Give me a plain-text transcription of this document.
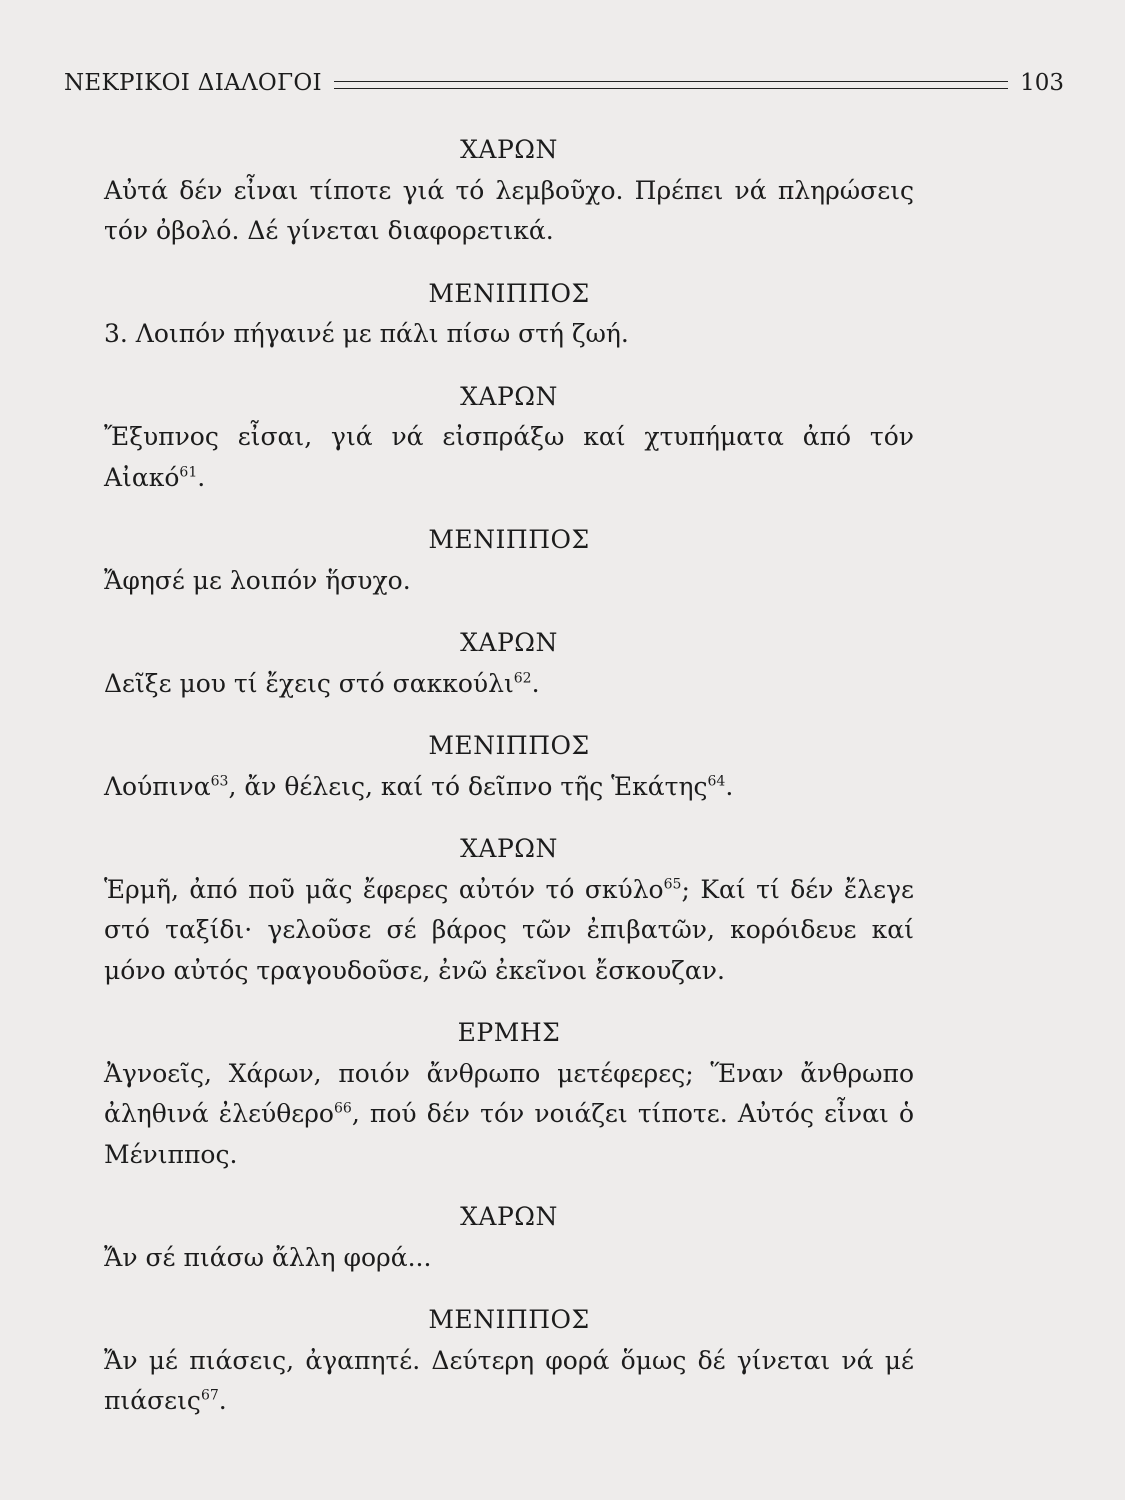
ΝΕΚΡΙΚΟΙ ΔΙΑΛΟΓΟΙ	103

ΧΑΡΩΝ

Αὐτά δέν εἶναι τίποτε γιά τό λεμβοῦχο. Πρέπει νά πληρώσεις τόν ὀβολό. Δέ γίνεται διαφορετικά.

ΜΕΝΙΠΠΟΣ

3. Λοιπόν πήγαινέ με πάλι πίσω στή ζωή.

ΧΑΡΩΝ

Ἔξυπνος εἶσαι, γιά νά εἰσπράξω καί χτυπήματα ἀπό τόν Αἰακό$^{61}$.

ΜΕΝΙΠΠΟΣ

Ἄφησέ με λοιπόν ἥσυχο.

ΧΑΡΩΝ

Δεῖξε μου τί ἔχεις στό σακκούλι$^{62}$.

ΜΕΝΙΠΠΟΣ

Λούπινα$^{63}$, ἄν θέλεις, καί τό δεῖπνο τῆς Ἑκάτης$^{64}$.

ΧΑΡΩΝ

Ἑρμῆ, ἀπό ποῦ μᾶς ἔφερες αὐτόν τό σκύλο$^{65}$; Καί τί δέν ἔλεγε στό ταξίδι· γελοῦσε σέ βάρος τῶν ἐπιβατῶν, κορόιδευε καί μόνο αὐτός τραγουδοῦσε, ἐνῶ ἐκεῖνοι ἔσκουζαν.

ΕΡΜΗΣ

Ἀγνοεῖς, Χάρων, ποιόν ἄνθρωπο μετέφερες; Ἕναν ἄνθρωπο ἀληθινά ἐλεύθερο$^{66}$, πού δέν τόν νοιάζει τίποτε. Αὐτός εἶναι ὁ Μένιππος.

ΧΑΡΩΝ

Ἄν σέ πιάσω ἄλλη φορά...

ΜΕΝΙΠΠΟΣ

Ἄν μέ πιάσεις, ἀγαπητέ. Δεύτερη φορά ὅμως δέ γίνεται νά μέ πιάσεις$^{67}$.
